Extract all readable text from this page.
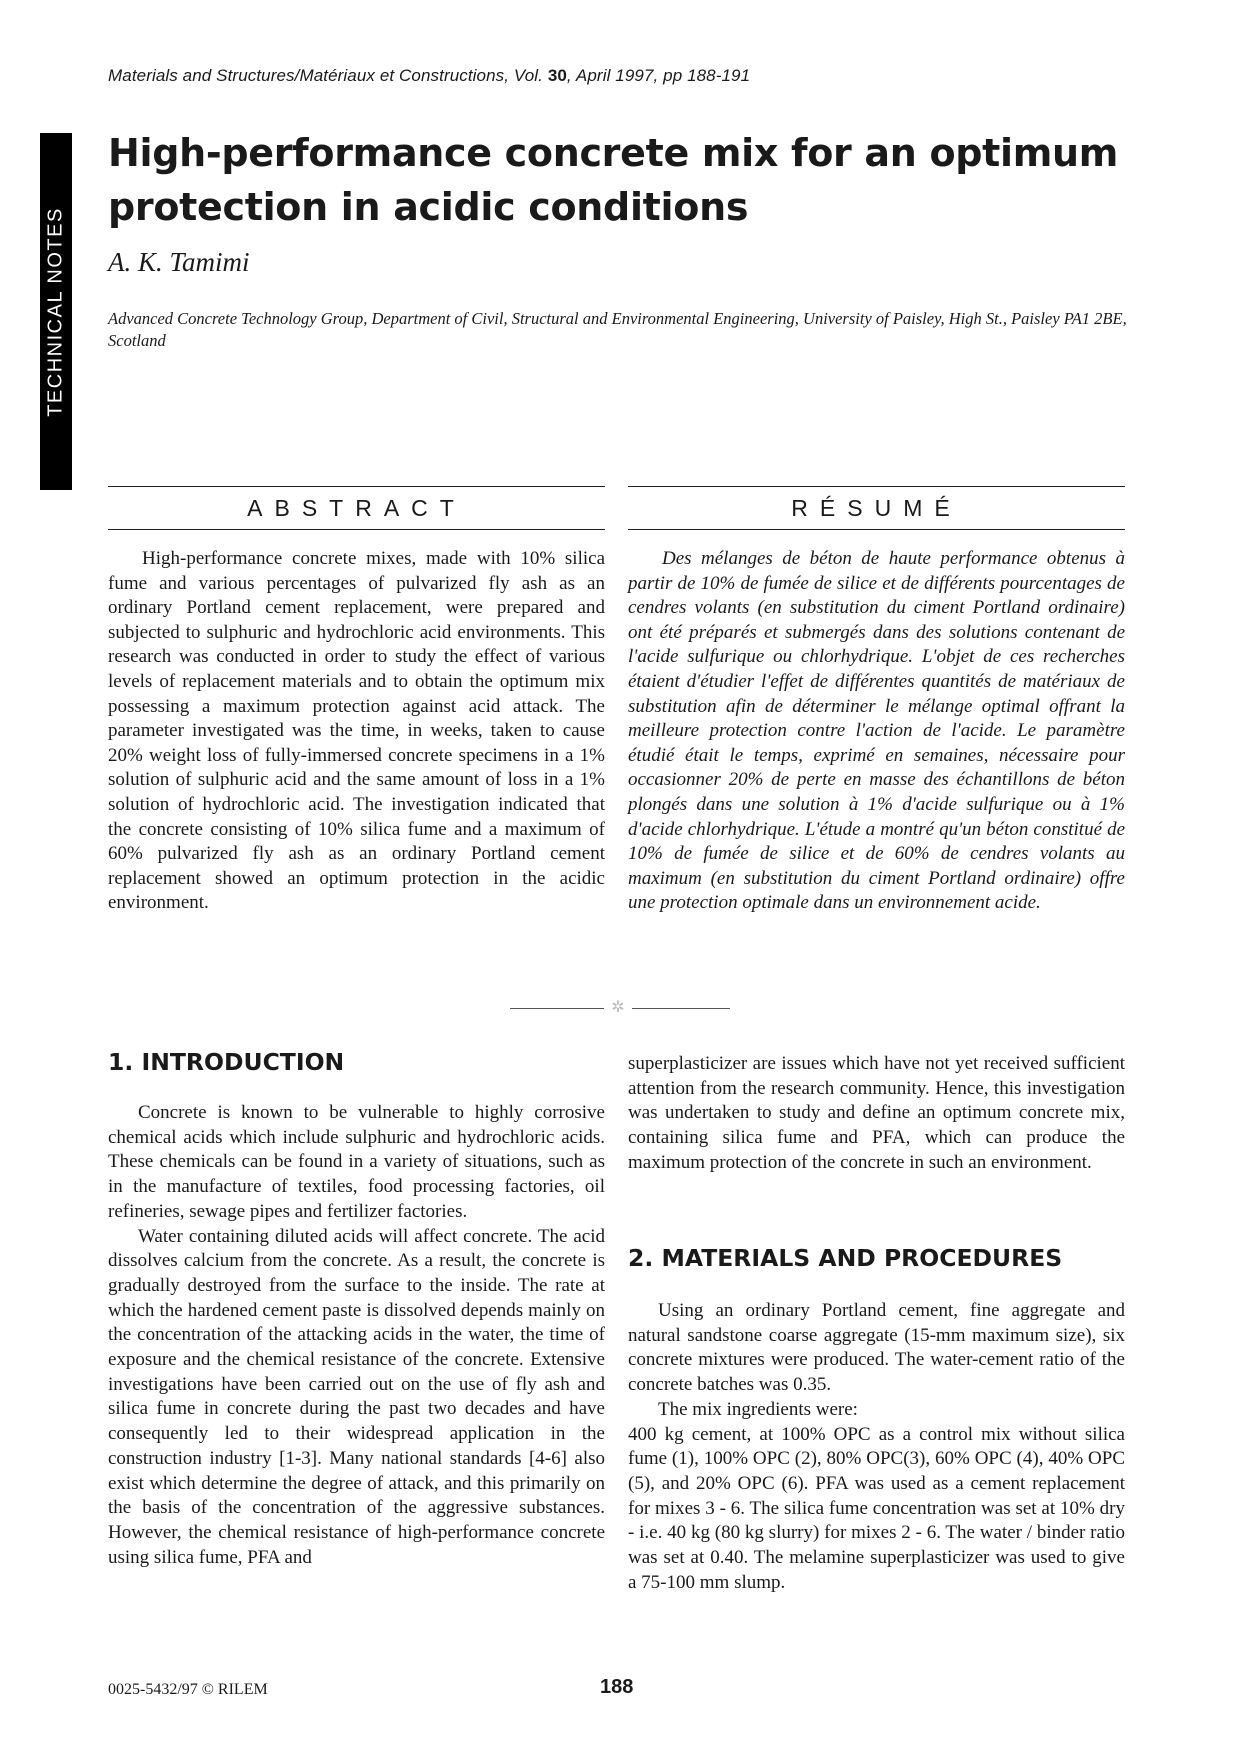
Materials and Structures/Matériaux et Constructions, Vol. 30, April 1997, pp 188-191
TECHNICAL NOTES
High-performance concrete mix for an optimum protection in acidic conditions
A. K. Tamimi
Advanced Concrete Technology Group, Department of Civil, Structural and Environmental Engineering, University of Paisley, High St., Paisley PA1 2BE, Scotland
ABSTRACT	RÉSUMÉ

High-performance concrete mixes, made with 10% silica fume and various percentages of pulvarized fly ash as an ordinary Portland cement replacement, were prepared and subjected to sulphuric and hydrochloric acid environments. This research was conducted in order to study the effect of various levels of replacement materials and to obtain the optimum mix possessing a maximum protection against acid attack. The parameter investigated was the time, in weeks, taken to cause 20% weight loss of fully-immersed concrete specimens in a 1% solution of sulphuric acid and the same amount of loss in a 1% solution of hydrochloric acid. The investigation indicated that the concrete consisting of 10% silica fume and a maximum of 60% pulvarized fly ash as an ordinary Portland cement replacement showed an optimum protection in the acidic environment.

Des mélanges de béton de haute performance obtenus à partir de 10% de fumée de silice et de différents pourcentages de cendres volants (en substitution du ciment Portland ordinaire) ont été préparés et submergés dans des solutions contenant de l'acide sulfurique ou chlorhydrique. L'objet de ces recherches étaient d'étudier l'effet de différentes quantités de matériaux de substitution afin de déterminer le mélange optimal offrant la meilleure protection contre l'action de l'acide. Le paramètre étudié était le temps, exprimé en semaines, nécessaire pour occasionner 20% de perte en masse des échantillons de béton plongés dans une solution à 1% d'acide sulfurique ou à 1% d'acide chlorhydrique. L'étude a montré qu'un béton constitué de 10% de fumée de silice et de 60% de cendres volants au maximum (en substitution du ciment Portland ordinaire) offre une protection optimale dans un environnement acide.

✲
1. INTRODUCTION

Concrete is known to be vulnerable to highly corrosive chemical acids which include sulphuric and hydrochloric acids. These chemicals can be found in a variety of situations, such as in the manufacture of textiles, food processing factories, oil refineries, sewage pipes and fertilizer factories.

Water containing diluted acids will affect concrete. The acid dissolves calcium from the concrete. As a result, the concrete is gradually destroyed from the surface to the inside. The rate at which the hardened cement paste is dissolved depends mainly on the concentration of the attacking acids in the water, the time of exposure and the chemical resistance of the concrete. Extensive investigations have been carried out on the use of fly ash and silica fume in concrete during the past two decades and have consequently led to their widespread application in the construction industry [1-3]. Many national standards [4-6] also exist which determine the degree of attack, and this primarily on the basis of the concentration of the aggressive substances. However, the chemical resistance of high-performance concrete using silica fume, PFA and

superplasticizer are issues which have not yet received sufficient attention from the research community. Hence, this investigation was undertaken to study and define an optimum concrete mix, containing silica fume and PFA, which can produce the maximum protection of the concrete in such an environment.

2. MATERIALS AND PROCEDURES

Using an ordinary Portland cement, fine aggregate and natural sandstone coarse aggregate (15-mm maximum size), six concrete mixtures were produced. The water-cement ratio of the concrete batches was 0.35.

The mix ingredients were:

400 kg cement, at 100% OPC as a control mix without silica fume (1), 100% OPC (2), 80% OPC(3), 60% OPC (4), 40% OPC (5), and 20% OPC (6). PFA was used as a cement replacement for mixes 3 - 6. The silica fume concentration was set at 10% dry - i.e. 40 kg (80 kg slurry) for mixes 2 - 6. The water / binder ratio was set at 0.40. The melamine superplasticizer was used to give a 75-100 mm slump.

0025-5432/97 © RILEM	188
